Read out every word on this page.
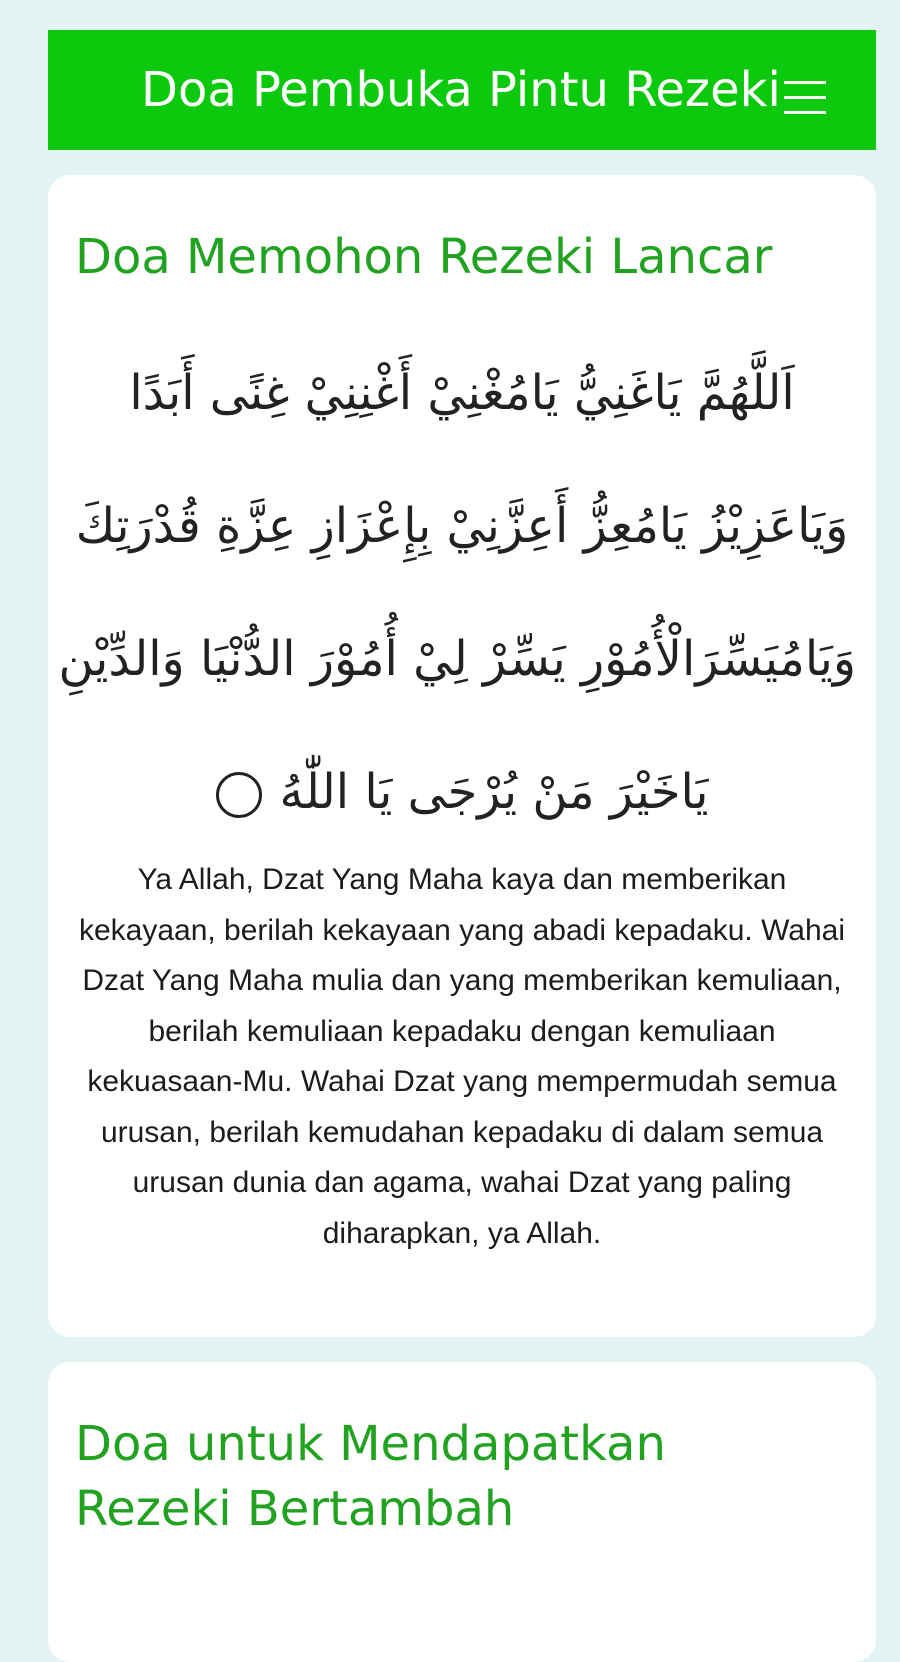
Doa Pembuka Pintu Rezeki
Doa Memohon Rezeki Lancar
اَللَّهُمَّ يَاغَنِيُّ يَامُغْنِيْ أَغْنِنِيْ غِنًى أَبَدًا
وَيَاعَزِيْزُ يَامُعِزُّ أَعِزَّنِيْ بِإِعْزَازِ عِزَّةِ قُدْرَتِكَ
وَيَامُيَسِّرَالْأُمُوْرِ يَسِّرْ لِيْ أُمُوْرَ الدُّنْيَا وَالدِّيْنِ
يَاخَيْرَ مَنْ يُرْجَى يَا اللّٰهُ

Ya Allah, Dzat Yang Maha kaya dan memberikan kekayaan, berilah kekayaan yang abadi kepadaku. Wahai Dzat Yang Maha mulia dan yang memberikan kemuliaan, berilah kemuliaan kepadaku dengan kemuliaan kekuasaan-Mu. Wahai Dzat yang mempermudah semua urusan, berilah kemudahan kepadaku di dalam semua urusan dunia dan agama, wahai Dzat yang paling diharapkan, ya Allah.

Doa untuk Mendapatkan Rezeki Bertambah
